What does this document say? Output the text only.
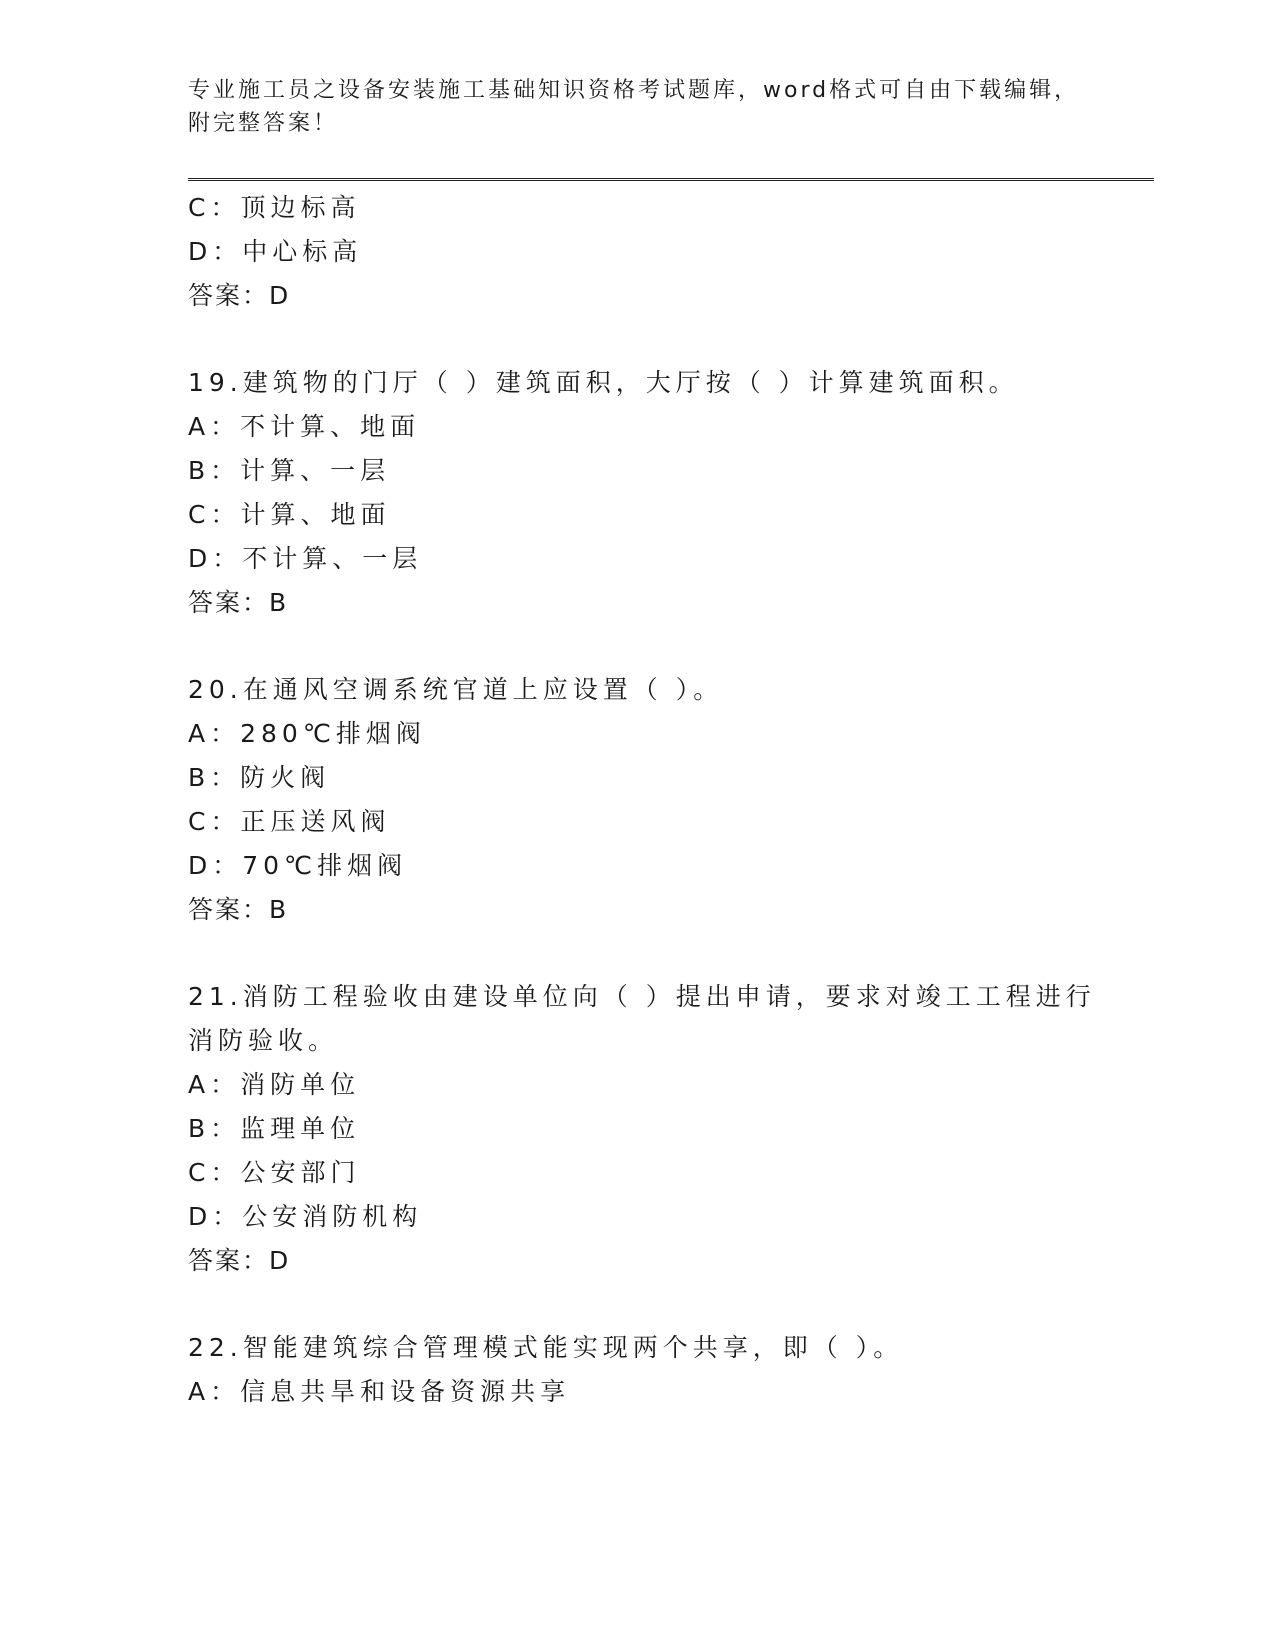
专业施工员之设备安装施工基础知识资格考试题库，word格式可自由下载编辑，
附完整答案！
C：顶边标高
D：中心标高
答案：D
19.建筑物的门厅（ ）建筑面积，大厅按（ ）计算建筑面积。
A：不计算、地面
B：计算、一层
C：计算、地面
D：不计算、一层
答案：B
20.在通风空调系统官道上应设置（ ）。
A：280℃排烟阀
B：防火阀
C：正压送风阀
D：70℃排烟阀
答案：B
21.消防工程验收由建设单位向（ ）提出申请，要求对竣工工程进行
消防验收。
A：消防单位
B：监理单位
C：公安部门
D：公安消防机构
答案：D
22.智能建筑综合管理模式能实现两个共享，即（ ）。
A：信息共旱和设备资源共享
